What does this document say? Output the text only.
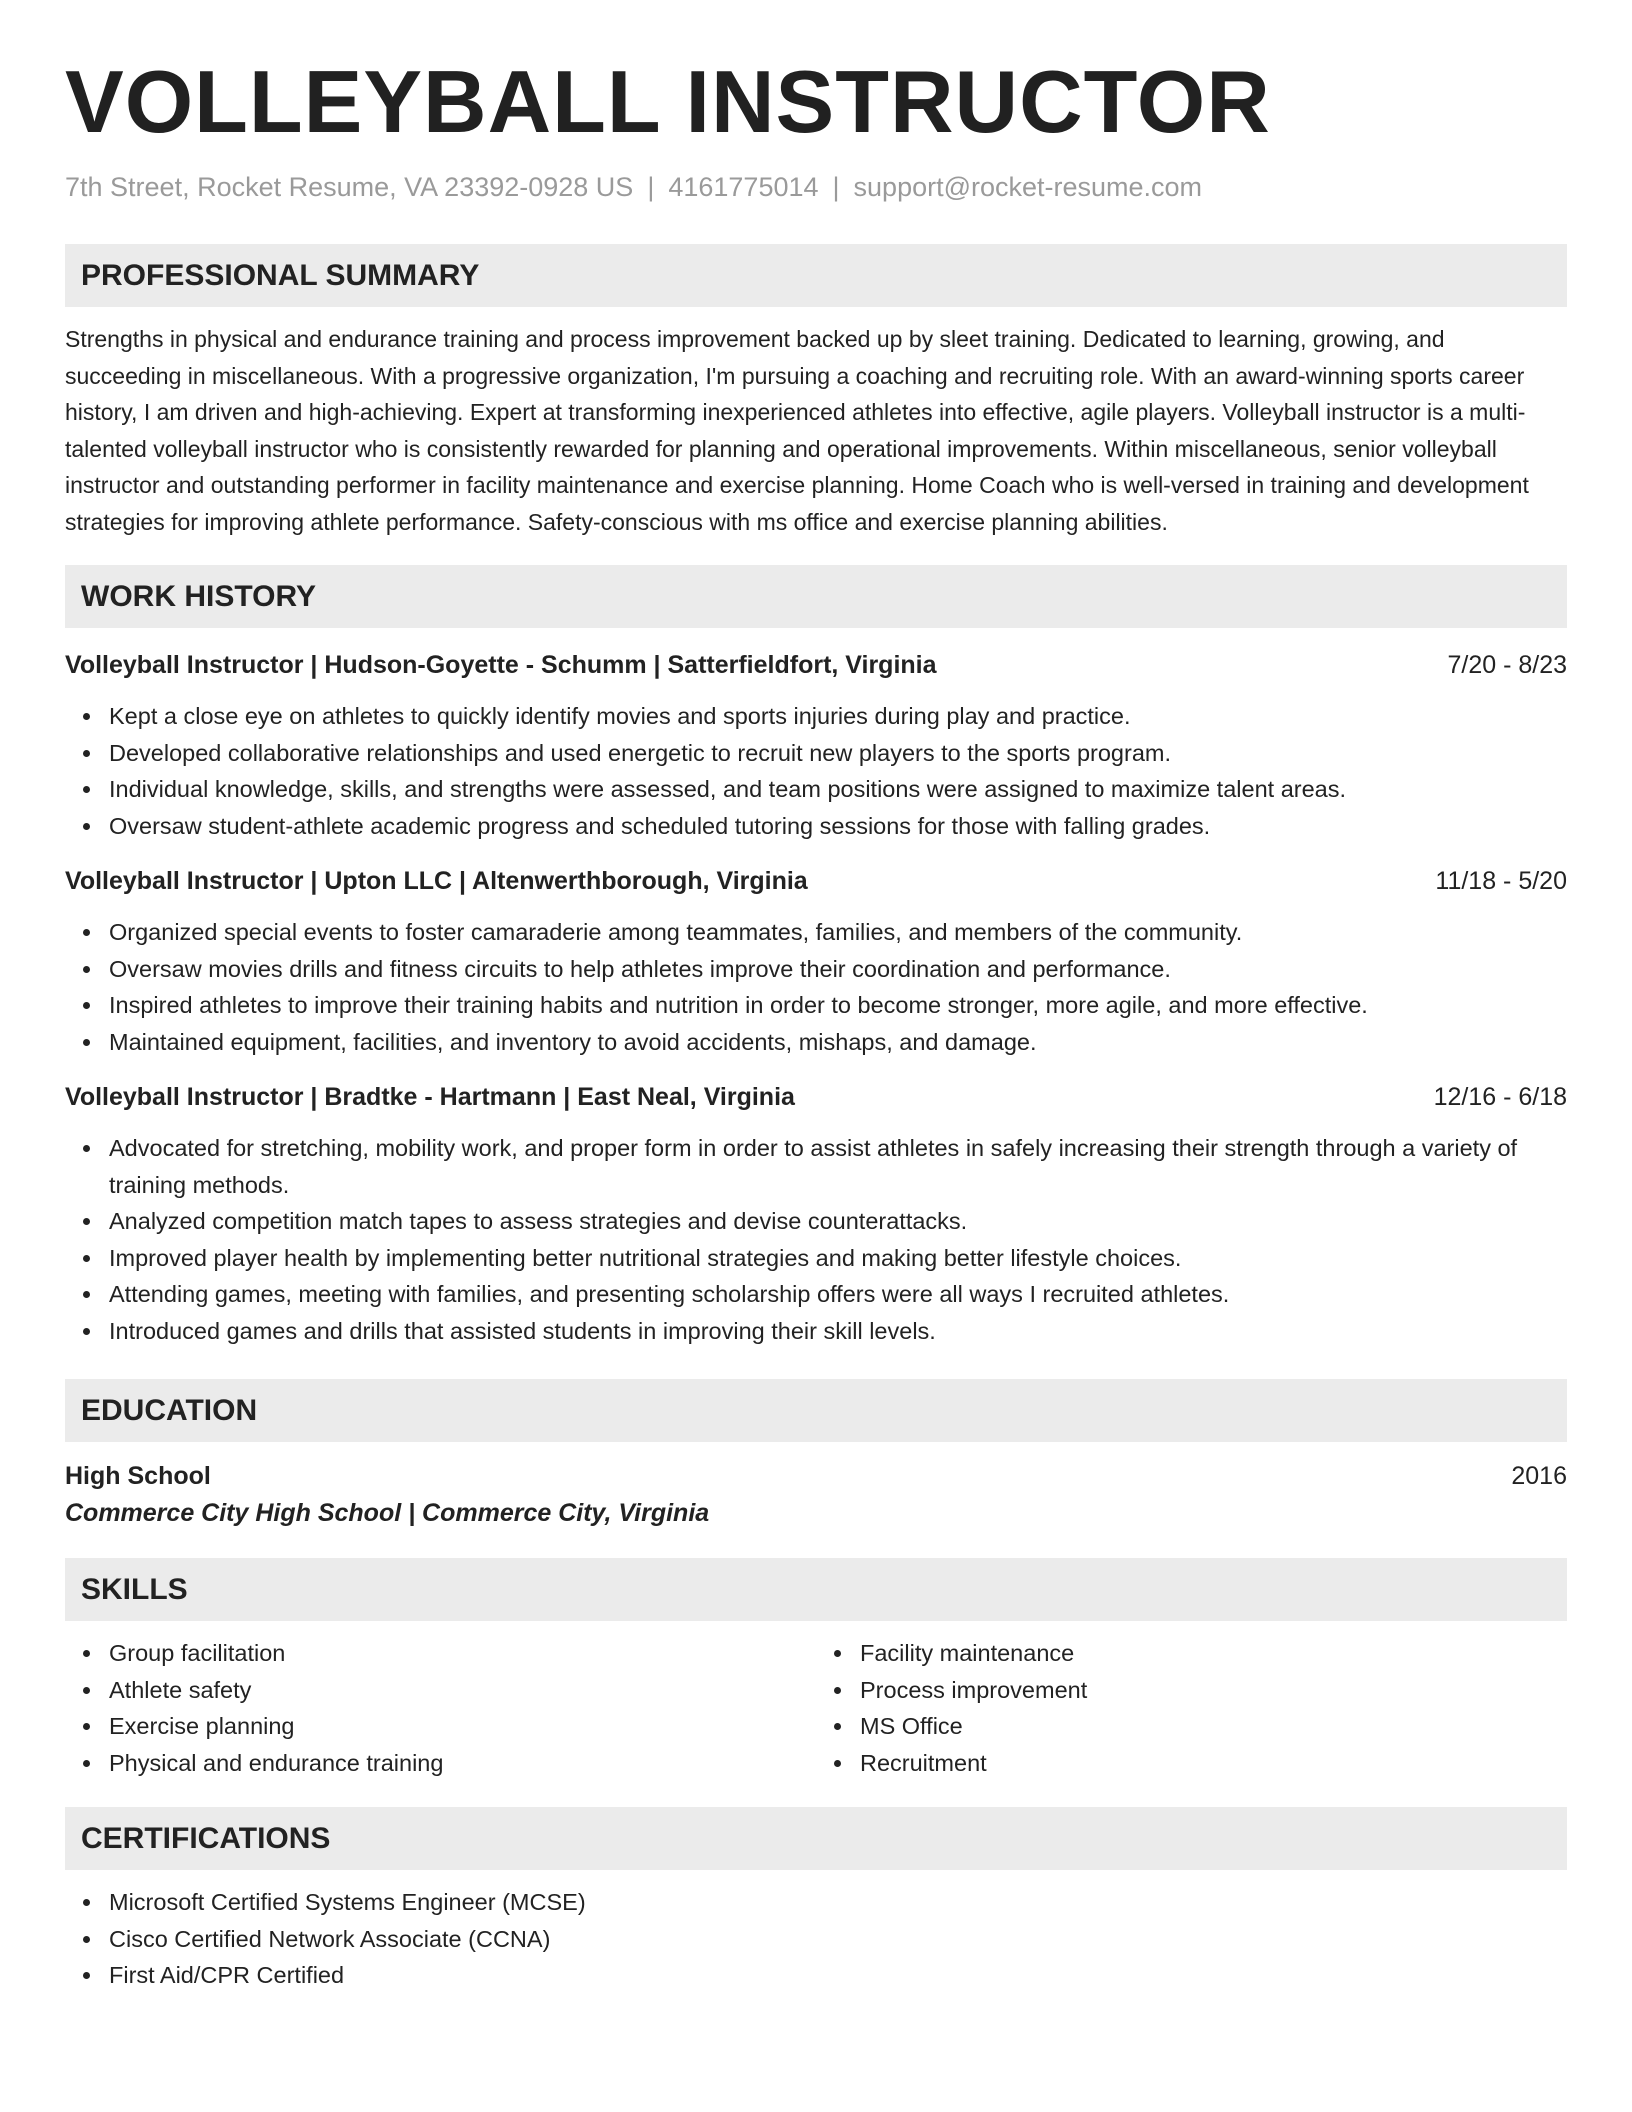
VOLLEYBALL INSTRUCTOR
7th Street, Rocket Resume, VA 23392-0928 US | 4161775014 | support@rocket-resume.com
PROFESSIONAL SUMMARY

Strengths in physical and endurance training and process improvement backed up by sleet training. Dedicated to learning, growing, and succeeding in miscellaneous. With a progressive organization, I'm pursuing a coaching and recruiting role. With an award-winning sports career history, I am driven and high-achieving. Expert at transforming inexperienced athletes into effective, agile players. Volleyball instructor is a multi-talented volleyball instructor who is consistently rewarded for planning and operational improvements. Within miscellaneous, senior volleyball instructor and outstanding performer in facility maintenance and exercise planning. Home Coach who is well-versed in training and development strategies for improving athlete performance. Safety-conscious with ms office and exercise planning abilities.

WORK HISTORY
Volleyball Instructor | Hudson-Goyette - Schumm | Satterfieldfort, Virginia	7/20 - 8/23
Kept a close eye on athletes to quickly identify movies and sports injuries during play and practice.
Developed collaborative relationships and used energetic to recruit new players to the sports program.
Individual knowledge, skills, and strengths were assessed, and team positions were assigned to maximize talent areas.
Oversaw student-athlete academic progress and scheduled tutoring sessions for those with falling grades.
Volleyball Instructor | Upton LLC | Altenwerthborough, Virginia	11/18 - 5/20
Organized special events to foster camaraderie among teammates, families, and members of the community.
Oversaw movies drills and fitness circuits to help athletes improve their coordination and performance.
Inspired athletes to improve their training habits and nutrition in order to become stronger, more agile, and more effective.
Maintained equipment, facilities, and inventory to avoid accidents, mishaps, and damage.
Volleyball Instructor | Bradtke - Hartmann | East Neal, Virginia	12/16 - 6/18
Advocated for stretching, mobility work, and proper form in order to assist athletes in safely increasing their strength through a variety of training methods.
Analyzed competition match tapes to assess strategies and devise counterattacks.
Improved player health by implementing better nutritional strategies and making better lifestyle choices.
Attending games, meeting with families, and presenting scholarship offers were all ways I recruited athletes.
Introduced games and drills that assisted students in improving their skill levels.
EDUCATION
High School	2016
Commerce City High School | Commerce City, Virginia
SKILLS
Group facilitation
Athlete safety
Exercise planning
Physical and endurance training
Facility maintenance
Process improvement
MS Office
Recruitment
CERTIFICATIONS
Microsoft Certified Systems Engineer (MCSE)
Cisco Certified Network Associate (CCNA)
First Aid/CPR Certified
